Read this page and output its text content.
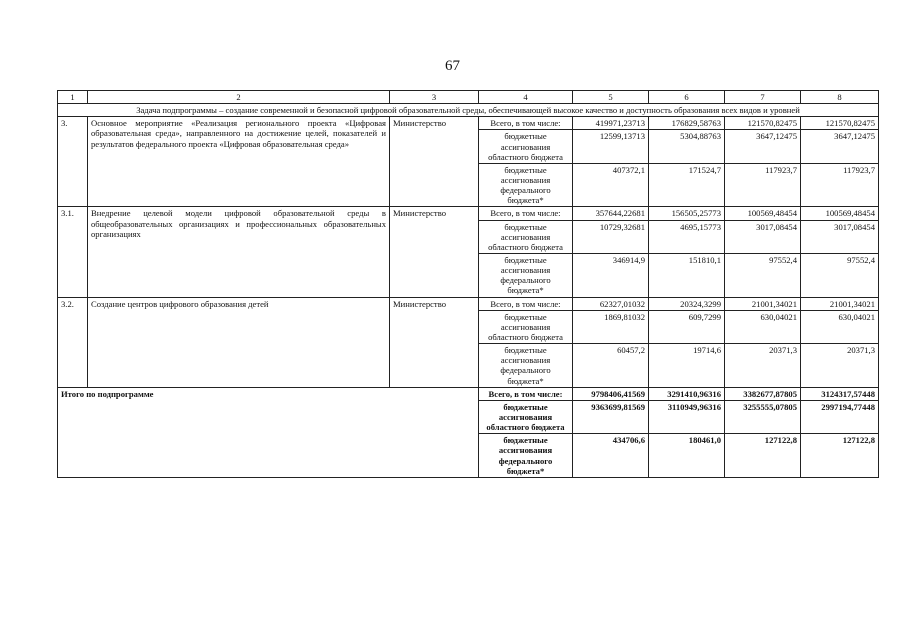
67
1	2	3	4	5	6	7	8
Задача подпрограммы – создание современной и безопасной цифровой образовательной среды, обеспечивающей высокое качество и доступность образования всех видов и уровней							
3.	Основное мероприятие «Реализация регионального проекта «Цифровая образовательная среда», направленного на достижение целей, показателей и результатов федерального проекта «Цифровая образовательная среда»	Министерство	Всего, в том числе:	419971,23713	176829,58763	121570,82475	121570,82475
			бюджетные ассигнования областного бюджета	12599,13713	5304,88763	3647,12475	3647,12475
			бюджетные ассигнования федерального бюджета*	407372,1	171524,7	117923,7	117923,7
3.1.	Внедрение целевой модели цифровой образовательной среды в общеобразовательных организациях и профессиональных образовательных организациях	Министерство	Всего, в том числе:	357644,22681	156505,25773	100569,48454	100569,48454
			бюджетные ассигнования областного бюджета	10729,32681	4695,15773	3017,08454	3017,08454
			бюджетные ассигнования федерального бюджета*	346914,9	151810,1	97552,4	97552,4
3.2.	Создание центров цифрового образования детей	Министерство	Всего, в том числе:	62327,01032	20324,3299	21001,34021	21001,34021
			бюджетные ассигнования областного бюджета	1869,81032	609,7299	630,04021	630,04021
			бюджетные ассигнования федерального бюджета*	60457,2	19714,6	20371,3	20371,3
Итого по подпрограмме			Всего, в том числе:	9798406,41569	3291410,96316	3382677,87805	3124317,57448
			бюджетные ассигнования областного бюджета	9363699,81569	3110949,96316	3255555,07805	2997194,77448
			бюджетные ассигнования федерального бюджета*	434706,6	180461,0	127122,8	127122,8
